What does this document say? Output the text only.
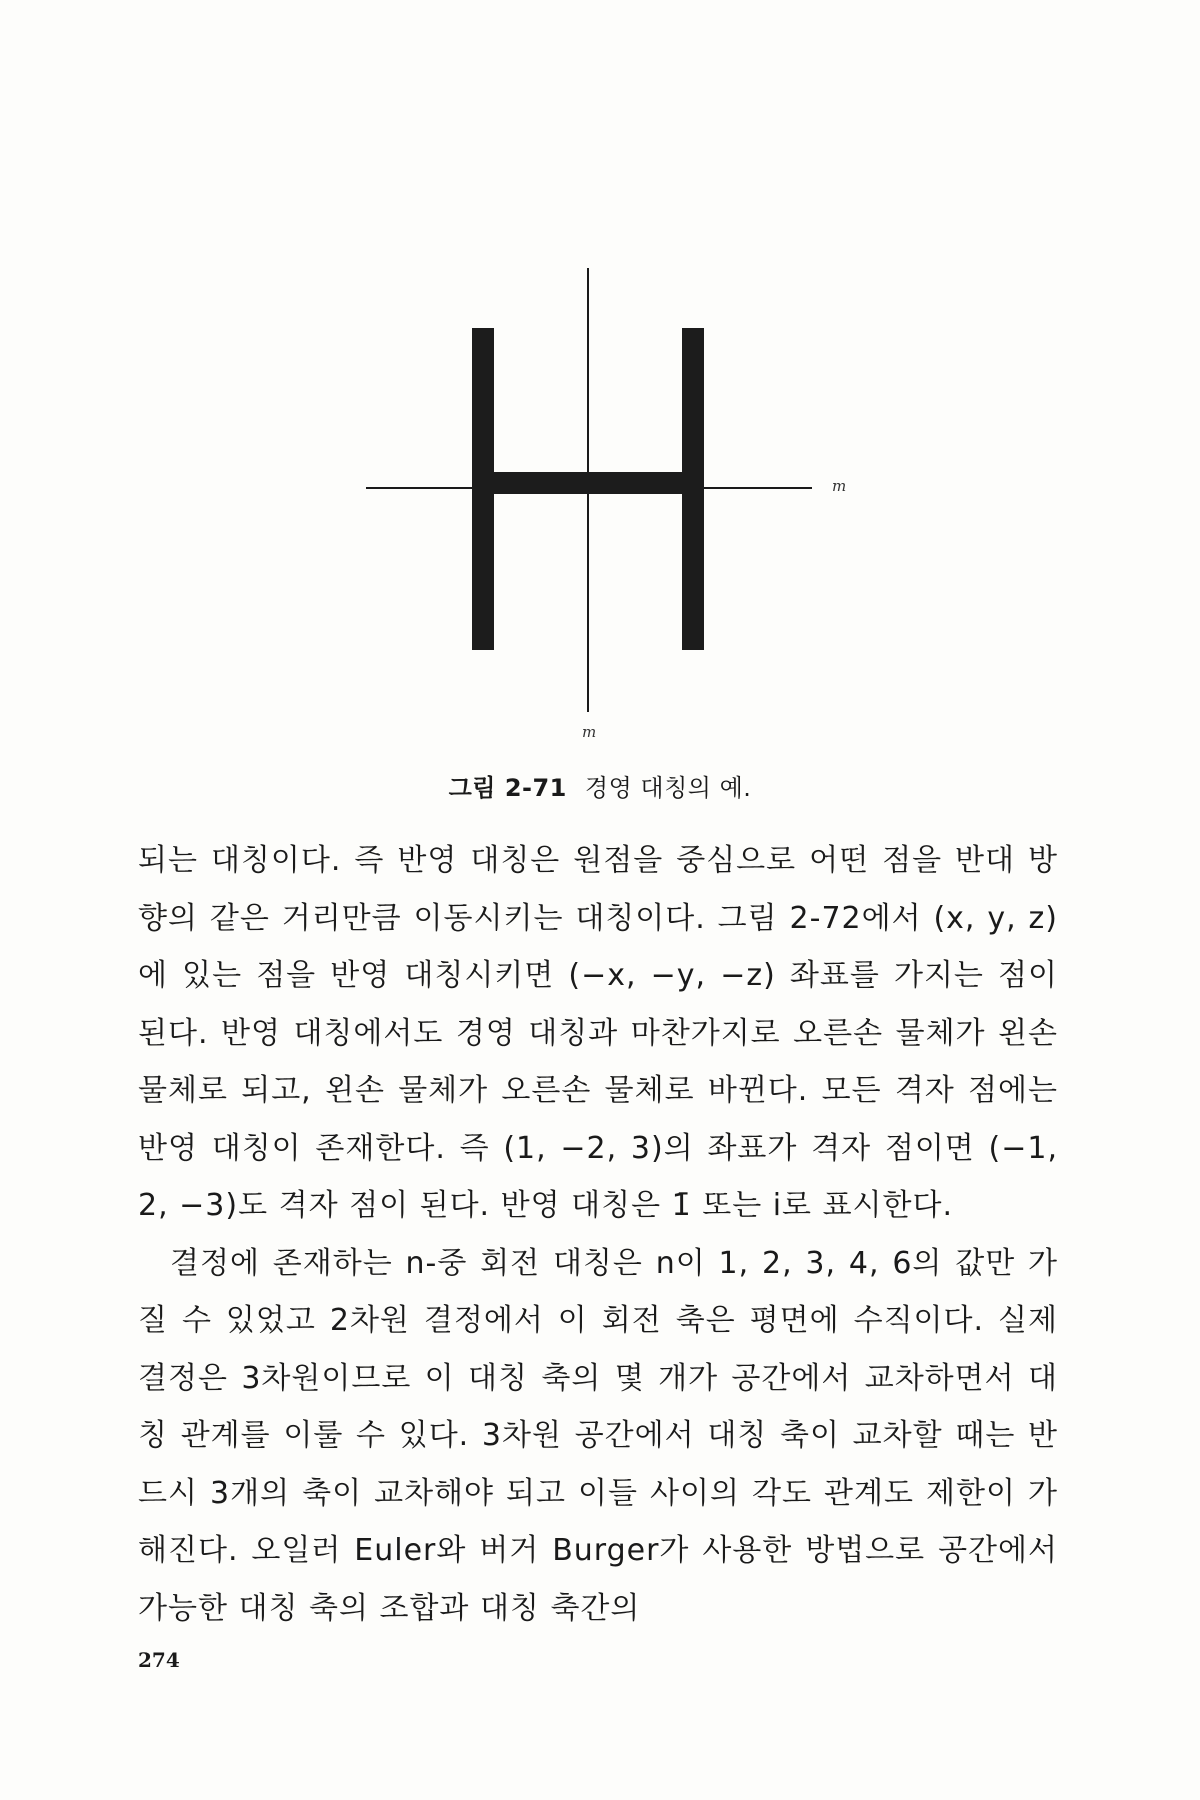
m
m
그림 2-71 경영 대칭의 예.

되는 대칭이다. 즉 반영 대칭은 원점을 중심으로 어떤 점을 반대 방향의 같은 거리만큼 이동시키는 대칭이다. 그림 2-72에서 (x, y, z)에 있는 점을 반영 대칭시키면 (−x, −y, −z) 좌표를 가지는 점이 된다. 반영 대칭에서도 경영 대칭과 마찬가지로 오른손 물체가 왼손 물체로 되고, 왼손 물체가 오른손 물체로 바뀐다. 모든 격자 점에는 반영 대칭이 존재한다. 즉 (1, −2, 3)의 좌표가 격자 점이면 (−1, 2, −3)도 격자 점이 된다. 반영 대칭은 1̄ 또는 i로 표시한다.

결정에 존재하는 n-중 회전 대칭은 n이 1, 2, 3, 4, 6의 값만 가질 수 있었고 2차원 결정에서 이 회전 축은 평면에 수직이다. 실제 결정은 3차원이므로 이 대칭 축의 몇 개가 공간에서 교차하면서 대칭 관계를 이룰 수 있다. 3차원 공간에서 대칭 축이 교차할 때는 반드시 3개의 축이 교차해야 되고 이들 사이의 각도 관계도 제한이 가해진다. 오일러 Euler와 버거 Burger가 사용한 방법으로 공간에서 가능한 대칭 축의 조합과 대칭 축간의

274
